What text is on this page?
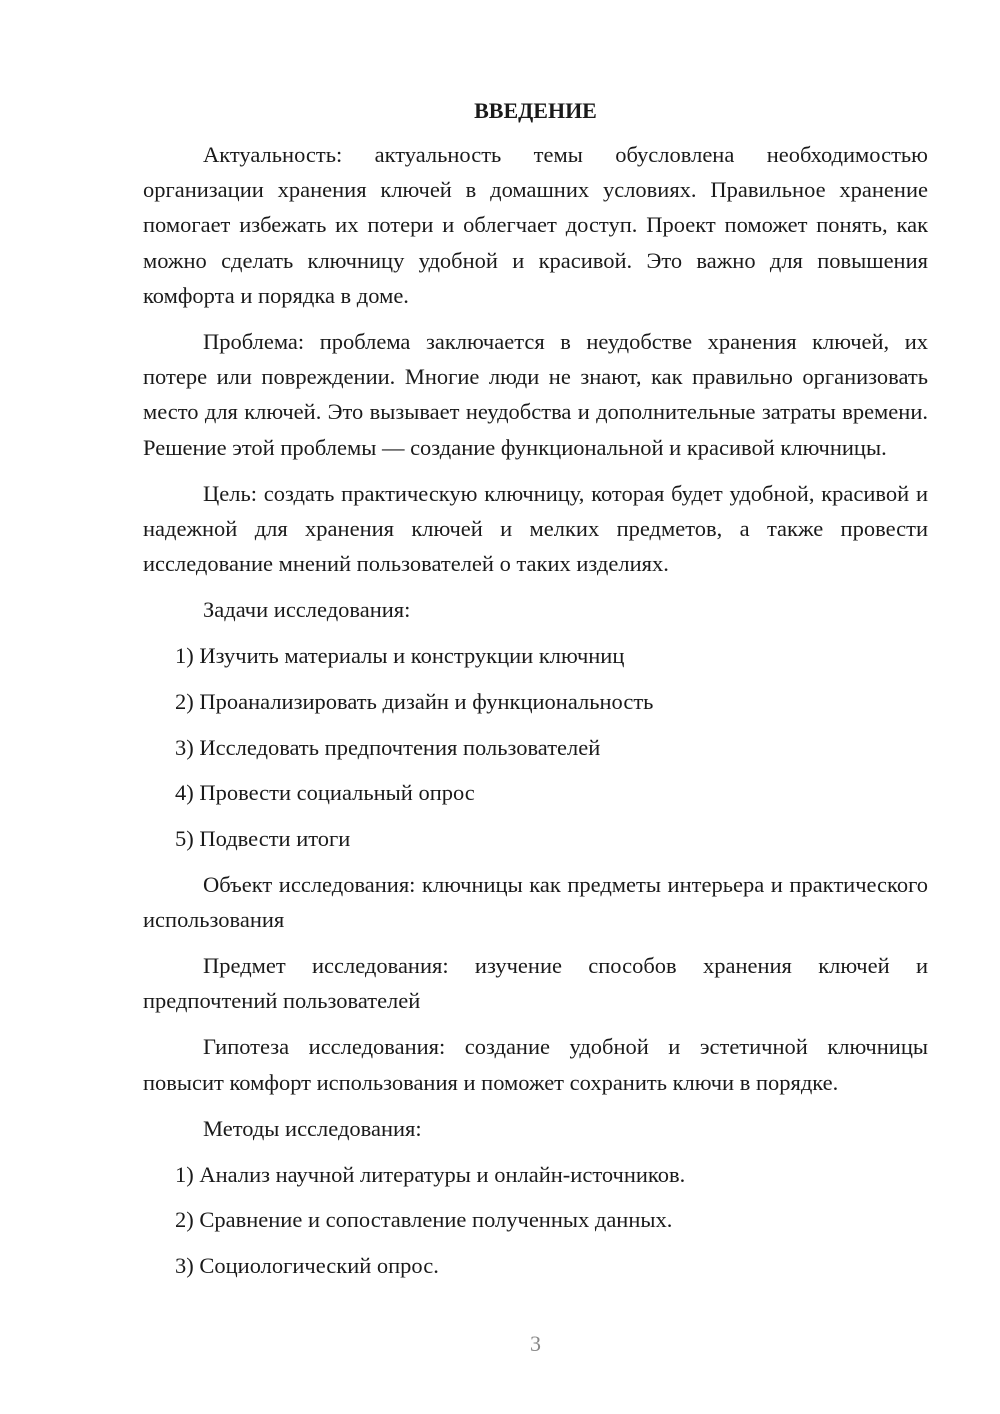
ВВЕДЕНИЕ

Актуальность: актуальность темы обусловлена необходимостью организации хранения ключей в домашних условиях. Правильное хранение помогает избежать их потери и облегчает доступ. Проект поможет понять, как можно сделать ключницу удобной и красивой. Это важно для повышения комфорта и порядка в доме.

Проблема: проблема заключается в неудобстве хранения ключей, их потере или повреждении. Многие люди не знают, как правильно организовать место для ключей. Это вызывает неудобства и дополнительные затраты времени. Решение этой проблемы — создание функциональной и красивой ключницы.

Цель: создать практическую ключницу, которая будет удобной, красивой и надежной для хранения ключей и мелких предметов, а также провести исследование мнений пользователей о таких изделиях.

Задачи исследования:

1) Изучить материалы и конструкции ключниц

2) Проанализировать дизайн и функциональность

3) Исследовать предпочтения пользователей

4) Провести социальный опрос

5) Подвести итоги

Объект исследования: ключницы как предметы интерьера и практического использования

Предмет исследования: изучение способов хранения ключей и предпочтений пользователей

Гипотеза исследования: создание удобной и эстетичной ключницы повысит комфорт использования и поможет сохранить ключи в порядке.

Методы исследования:

1) Анализ научной литературы и онлайн-источников.

2) Сравнение и сопоставление полученных данных.

3) Социологический опрос.

3
